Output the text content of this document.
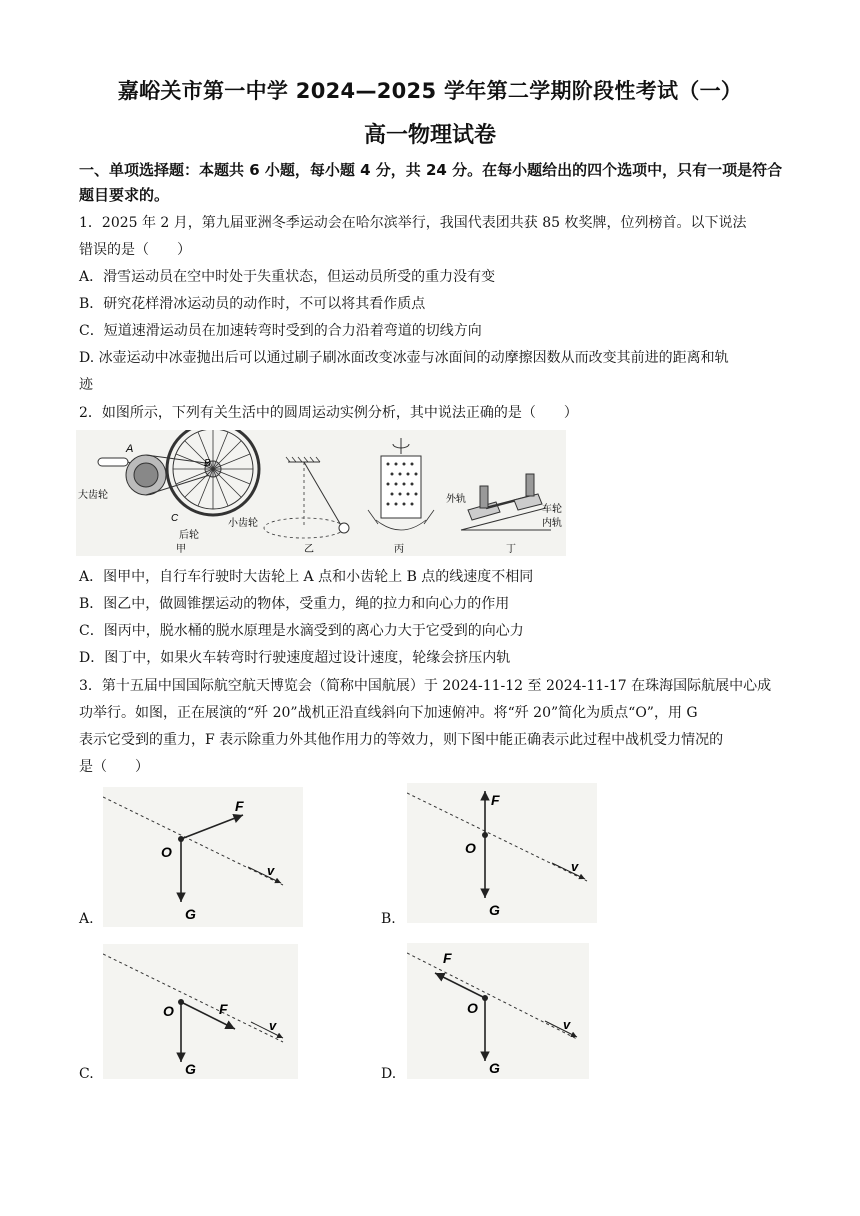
嘉峪关市第一中学 2024—2025 学年第二学期阶段性考试（一）
高一物理试卷
一、单项选择题：本题共 6 小题，每小题 4 分，共 24 分。在每小题给出的四个选项中，只有一项是符合题目要求的。
1．2025 年 2 月，第九届亚洲冬季运动会在哈尔滨举行，我国代表团共获 85 枚奖牌，位列榜首。以下说法
错误的是（　　）
A．滑雪运动员在空中时处于失重状态，但运动员所受的重力没有变
B．研究花样滑冰运动员的动作时，不可以将其看作质点
C．短道速滑运动员在加速转弯时受到的合力沿着弯道的切线方向
D. 冰壶运动中冰壶抛出后可以通过刷子刷冰面改变冰壶与冰面间的动摩擦因数从而改变其前进的距离和轨
迹
2．如图所示，下列有关生活中的圆周运动实例分析，其中说法正确的是（　　）
A
B
C
大齿轮
小齿轮
后轮
甲	乙	丙
外轨
车轮
内轨
丁
A．图甲中，自行车行驶时大齿轮上 A 点和小齿轮上 B 点的线速度不相同
B．图乙中，做圆锥摆运动的物体，受重力，绳的拉力和向心力的作用
C．图丙中，脱水桶的脱水原理是水滴受到的离心力大于它受到的向心力
D．图丁中，如果火车转弯时行驶速度超过设计速度，轮缘会挤压内轨
3．第十五届中国国际航空航天博览会（简称中国航展）于 2024-11-12 至 2024-11-17 在珠海国际航展中心成
功举行。如图，正在展演的“歼 20”战机正沿直线斜向下加速俯冲。将“歼 20”简化为质点“O”，用 G
表示它受到的重力，F 表示除重力外其他作用力的等效力，则下图中能正确表示此过程中战机受力情况的
是（　　）
O
F
G
v
A.
O
F
G
v
B.
O	F
G
v
C.
O
F
G
v
D.
